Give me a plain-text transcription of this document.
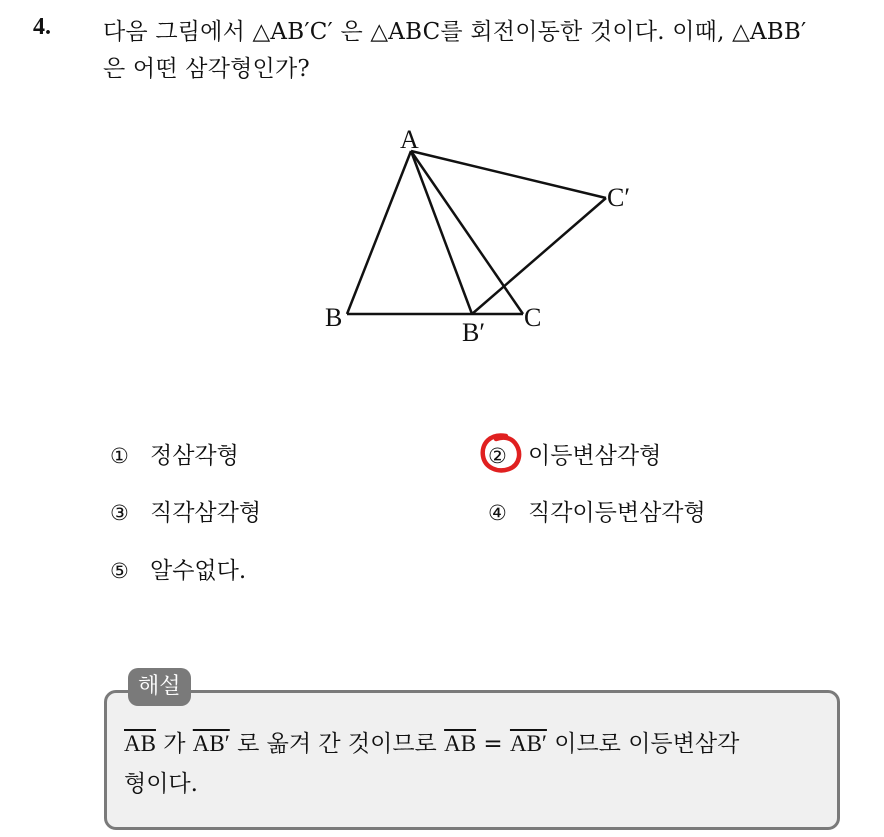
4. 다음 그림에서 △AB′C′ 은 △ABC를 회전이동한 것이다. 이때, △ABB′
은 어떤 삼각형인가?
A
B
B′
C
C′
① 정삼각형	② 이등변삼각형
③ 직각삼각형	④ 직각이등변삼각형
⑤ 알수없다.
해설
$\overline{AB}$ 가 AB′ 로 옮겨 간 것이므로 $\overline{AB} = AB'$ 이므로 이등변삼각
형이다.
